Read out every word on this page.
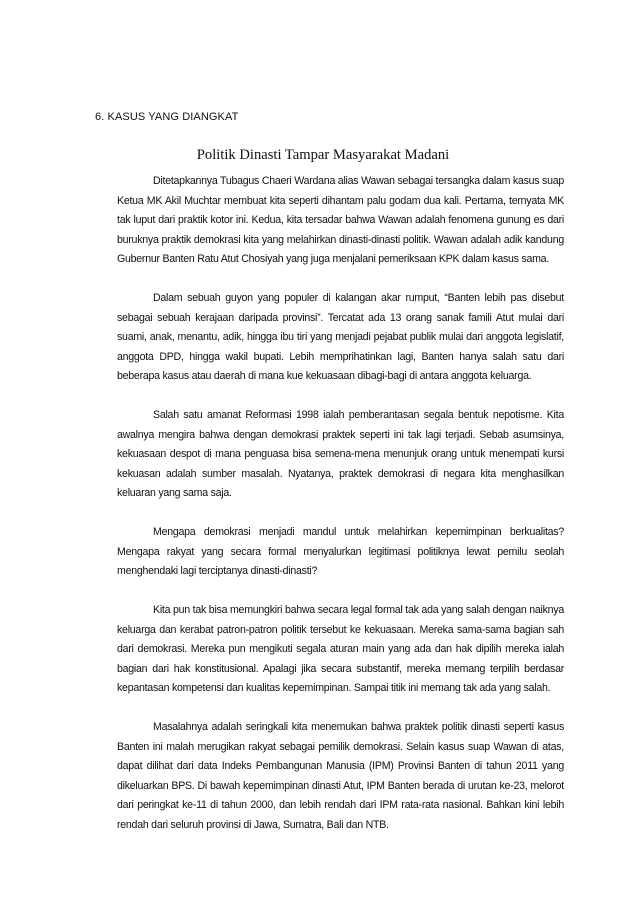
6. KASUS YANG DIANGKAT
Politik Dinasti Tampar Masyarakat Madani

Ditetapkannya Tubagus Chaeri Wardana alias Wawan sebagai tersangka dalam kasus suap Ketua MK Akil Muchtar membuat kita seperti dihantam palu godam dua kali. Pertama, ternyata MK tak luput dari praktik kotor ini. Kedua, kita tersadar bahwa Wawan adalah fenomena gunung es dari buruknya praktik demokrasi kita yang melahirkan dinasti-dinasti politik. Wawan adalah adik kandung Gubernur Banten Ratu Atut Chosiyah yang juga menjalani pemeriksaan KPK dalam kasus sama.

Dalam sebuah guyon yang populer di kalangan akar rumput, “Banten lebih pas disebut sebagai sebuah kerajaan daripada provinsi”. Tercatat ada 13 orang sanak famili Atut mulai dari suami, anak, menantu, adik, hingga ibu tiri yang menjadi pejabat publik mulai dari anggota legislatif, anggota DPD, hingga wakil bupati. Lebih memprihatinkan lagi, Banten hanya salah satu dari beberapa kasus atau daerah di mana kue kekuasaan dibagi-bagi di antara anggota keluarga.

Salah satu amanat Reformasi 1998 ialah pemberantasan segala bentuk nepotisme. Kita awalnya mengira bahwa dengan demokrasi praktek seperti ini tak lagi terjadi. Sebab asumsinya, kekuasaan despot di mana penguasa bisa semena-mena menunjuk orang untuk menempati kursi kekuasan adalah sumber masalah. Nyatanya, praktek demokrasi di negara kita menghasilkan keluaran yang sama saja.

Mengapa demokrasi menjadi mandul untuk melahirkan kepemimpinan berkualitas? Mengapa rakyat yang secara formal menyalurkan legitimasi politiknya lewat pemilu seolah menghendaki lagi terciptanya dinasti-dinasti?

Kita pun tak bisa memungkiri bahwa secara legal formal tak ada yang salah dengan naiknya keluarga dan kerabat patron-patron politik tersebut ke kekuasaan. Mereka sama-sama bagian sah dari demokrasi. Mereka pun mengikuti segala aturan main yang ada dan hak dipilih mereka ialah bagian dari hak konstitusional. Apalagi jika secara substantif, mereka memang terpilih berdasar kepantasan kompetensi dan kualitas kepemimpinan. Sampai titik ini memang tak ada yang salah.

Masalahnya adalah seringkali kita menemukan bahwa praktek politik dinasti seperti kasus Banten ini malah merugikan rakyat sebagai pemilik demokrasi. Selain kasus suap Wawan di atas, dapat dilihat dari data Indeks Pembangunan Manusia (IPM) Provinsi Banten di tahun 2011 yang dikeluarkan BPS. Di bawah kepemimpinan dinasti Atut, IPM Banten berada di urutan ke-23, melorot dari peringkat ke-11 di tahun 2000, dan lebih rendah dari IPM rata-rata nasional. Bahkan kini lebih rendah dari seluruh provinsi di Jawa, Sumatra, Bali dan NTB.
